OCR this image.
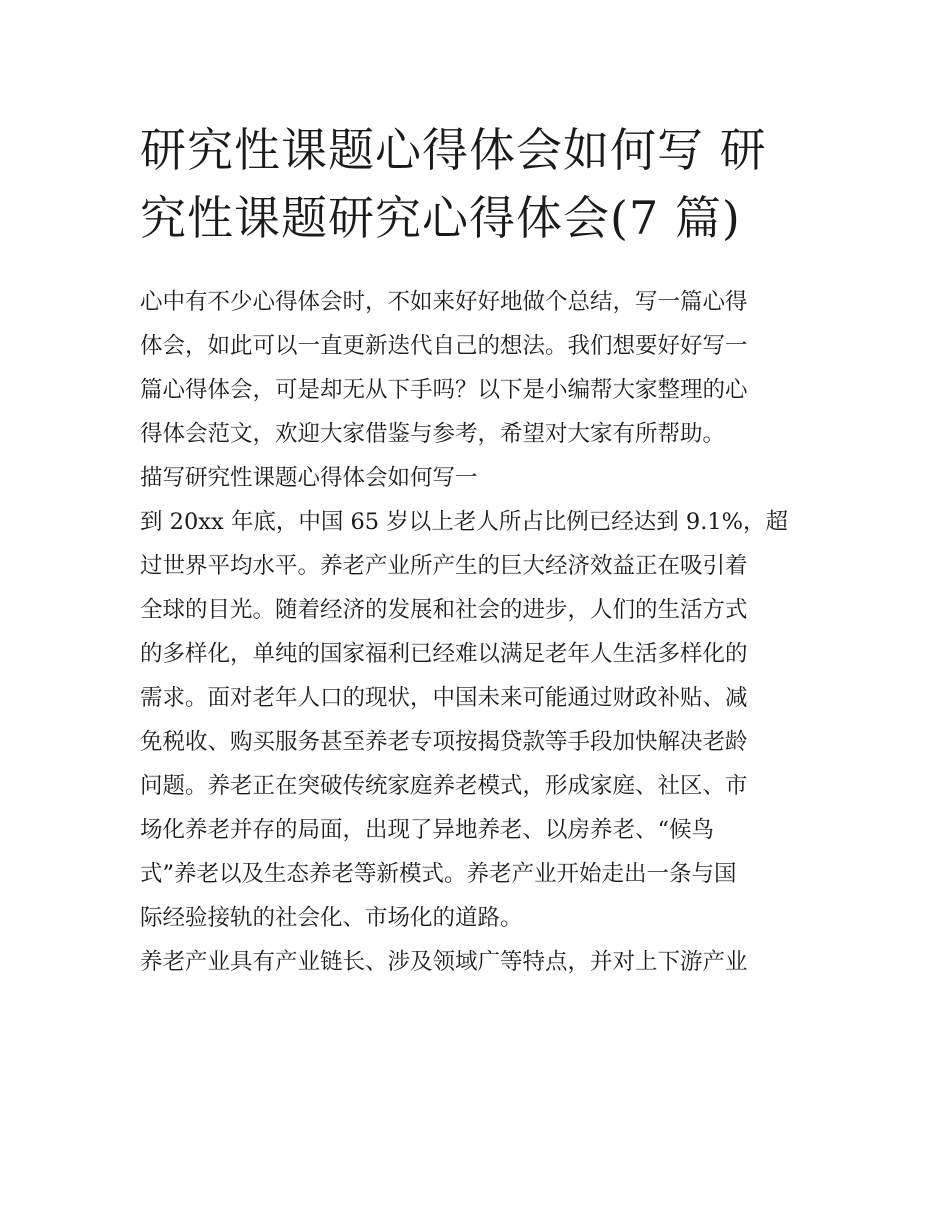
研究性课题心得体会如何写 研
究性课题研究心得体会(7 篇)
心中有不少心得体会时，不如来好好地做个总结，写一篇心得
体会，如此可以一直更新迭代自己的想法。我们想要好好写一
篇心得体会，可是却无从下手吗？以下是小编帮大家整理的心
得体会范文，欢迎大家借鉴与参考，希望对大家有所帮助。
描写研究性课题心得体会如何写一
到 20xx 年底，中国 65 岁以上老人所占比例已经达到 9.1%，超
过世界平均水平。养老产业所产生的巨大经济效益正在吸引着
全球的目光。随着经济的发展和社会的进步，人们的生活方式
的多样化，单纯的国家福利已经难以满足老年人生活多样化的
需求。面对老年人口的现状，中国未来可能通过财政补贴、减
免税收、购买服务甚至养老专项按揭贷款等手段加快解决老龄
问题。养老正在突破传统家庭养老模式，形成家庭、社区、市
场化养老并存的局面，出现了异地养老、以房养老、“候鸟
式”养老以及生态养老等新模式。养老产业开始走出一条与国
际经验接轨的社会化、市场化的道路。
养老产业具有产业链长、涉及领域广等特点，并对上下游产业
